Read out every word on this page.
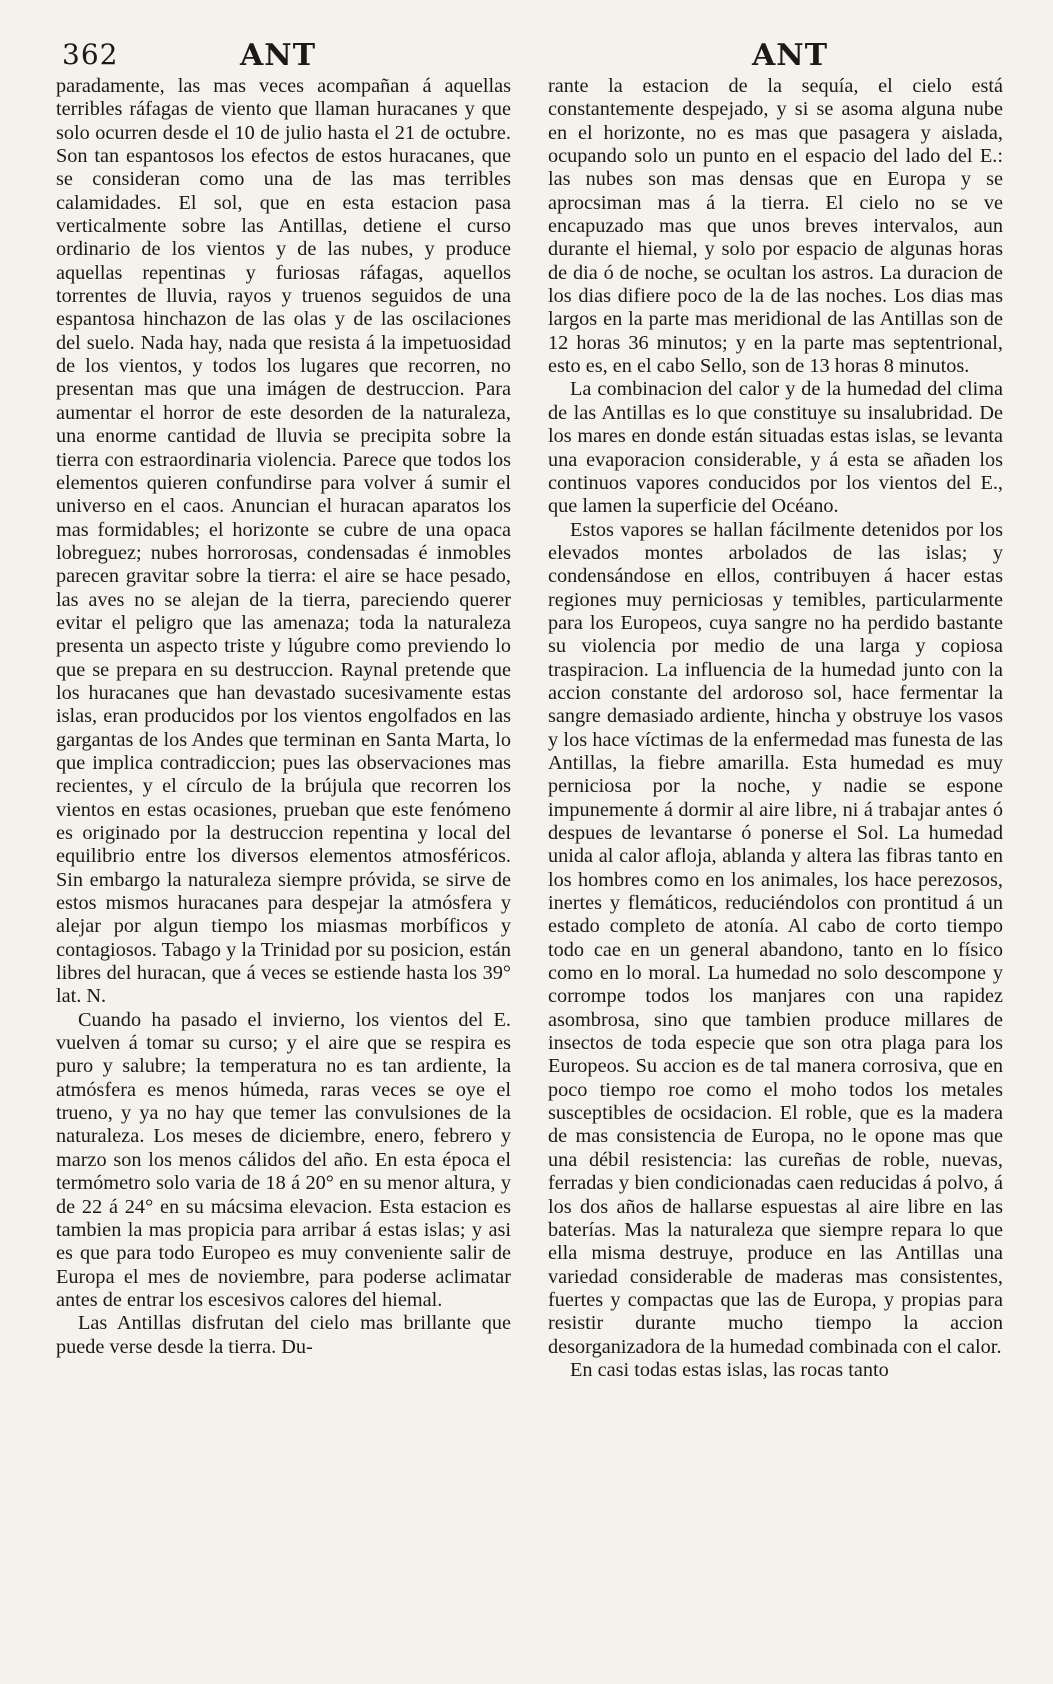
362	ANT	ANT

paradamente, las mas veces acompañan á aquellas terribles ráfagas de viento que llaman huracanes y que solo ocurren desde el 10 de julio hasta el 21 de octubre. Son tan espantosos los efectos de estos huracanes, que se consideran como una de las mas terribles calamidades. El sol, que en esta estacion pasa verticalmente sobre las Antillas, detiene el curso ordinario de los vientos y de las nubes, y produce aquellas repentinas y furiosas ráfagas, aquellos torrentes de lluvia, rayos y truenos seguidos de una espantosa hinchazon de las olas y de las oscilaciones del suelo. Nada hay, nada que resista á la impetuosidad de los vientos, y todos los lugares que recorren, no presentan mas que una imágen de destruccion. Para aumentar el horror de este desorden de la naturaleza, una enorme cantidad de lluvia se precipita sobre la tierra con estraordinaria violencia. Parece que todos los elementos quieren confundirse para volver á sumir el universo en el caos. Anuncian el huracan aparatos los mas formidables; el horizonte se cubre de una opaca lobreguez; nubes horrorosas, condensadas é inmobles parecen gravitar sobre la tierra: el aire se hace pesado, las aves no se alejan de la tierra, pareciendo querer evitar el peligro que las amenaza; toda la naturaleza presenta un aspecto triste y lúgubre como previendo lo que se prepara en su destruccion. Raynal pretende que los huracanes que han devastado sucesivamente estas islas, eran producidos por los vientos engolfados en las gargantas de los Andes que terminan en Santa Marta, lo que implica contradiccion; pues las observaciones mas recientes, y el círculo de la brújula que recorren los vientos en estas ocasiones, prueban que este fenómeno es originado por la destruccion repentina y local del equilibrio entre los diversos elementos atmosféricos. Sin embargo la naturaleza siempre próvida, se sirve de estos mismos huracanes para despejar la atmósfera y alejar por algun tiempo los miasmas morbíficos y contagiosos. Tabago y la Trinidad por su posicion, están libres del huracan, que á veces se estiende hasta los 39° lat. N.

Cuando ha pasado el invierno, los vientos del E. vuelven á tomar su curso; y el aire que se respira es puro y salubre; la temperatura no es tan ardiente, la atmósfera es menos húmeda, raras veces se oye el trueno, y ya no hay que temer las convulsiones de la naturaleza. Los meses de diciembre, enero, febrero y marzo son los menos cálidos del año. En esta época el termómetro solo varia de 18 á 20° en su menor altura, y de 22 á 24° en su mácsima elevacion. Esta estacion es tambien la mas propicia para arribar á estas islas; y asi es que para todo Europeo es muy conveniente salir de Europa el mes de noviembre, para poderse aclimatar antes de entrar los escesivos calores del hiemal.

Las Antillas disfrutan del cielo mas brillante que puede verse desde la tierra. Du-

rante la estacion de la sequía, el cielo está constantemente despejado, y si se asoma alguna nube en el horizonte, no es mas que pasagera y aislada, ocupando solo un punto en el espacio del lado del E.: las nubes son mas densas que en Europa y se aprocsiman mas á la tierra. El cielo no se ve encapuzado mas que unos breves intervalos, aun durante el hiemal, y solo por espacio de algunas horas de dia ó de noche, se ocultan los astros. La duracion de los dias difiere poco de la de las noches. Los dias mas largos en la parte mas meridional de las Antillas son de 12 horas 36 minutos; y en la parte mas septentrional, esto es, en el cabo Sello, son de 13 horas 8 minutos.

La combinacion del calor y de la humedad del clima de las Antillas es lo que constituye su insalubridad. De los mares en donde están situadas estas islas, se levanta una evaporacion considerable, y á esta se añaden los continuos vapores conducidos por los vientos del E., que lamen la superficie del Océano.

Estos vapores se hallan fácilmente detenidos por los elevados montes arbolados de las islas; y condensándose en ellos, contribuyen á hacer estas regiones muy perniciosas y temibles, particularmente para los Europeos, cuya sangre no ha perdido bastante su violencia por medio de una larga y copiosa traspiracion. La influencia de la humedad junto con la accion constante del ardoroso sol, hace fermentar la sangre demasiado ardiente, hincha y obstruye los vasos y los hace víctimas de la enfermedad mas funesta de las Antillas, la fiebre amarilla. Esta humedad es muy perniciosa por la noche, y nadie se espone impunemente á dormir al aire libre, ni á trabajar antes ó despues de levantarse ó ponerse el Sol. La humedad unida al calor afloja, ablanda y altera las fibras tanto en los hombres como en los animales, los hace perezosos, inertes y flemáticos, reduciéndolos con prontitud á un estado completo de atonía. Al cabo de corto tiempo todo cae en un general abandono, tanto en lo físico como en lo moral. La humedad no solo descompone y corrompe todos los manjares con una rapidez asombrosa, sino que tambien produce millares de insectos de toda especie que son otra plaga para los Europeos. Su accion es de tal manera corrosiva, que en poco tiempo roe como el moho todos los metales susceptibles de ocsidacion. El roble, que es la madera de mas consistencia de Europa, no le opone mas que una débil resistencia: las cureñas de roble, nuevas, ferradas y bien condicionadas caen reducidas á polvo, á los dos años de hallarse espuestas al aire libre en las baterías. Mas la naturaleza que siempre repara lo que ella misma destruye, produce en las Antillas una variedad considerable de maderas mas consistentes, fuertes y compactas que las de Europa, y propias para resistir durante mucho tiempo la accion desorganizadora de la humedad combinada con el calor.

En casi todas estas islas, las rocas tanto
